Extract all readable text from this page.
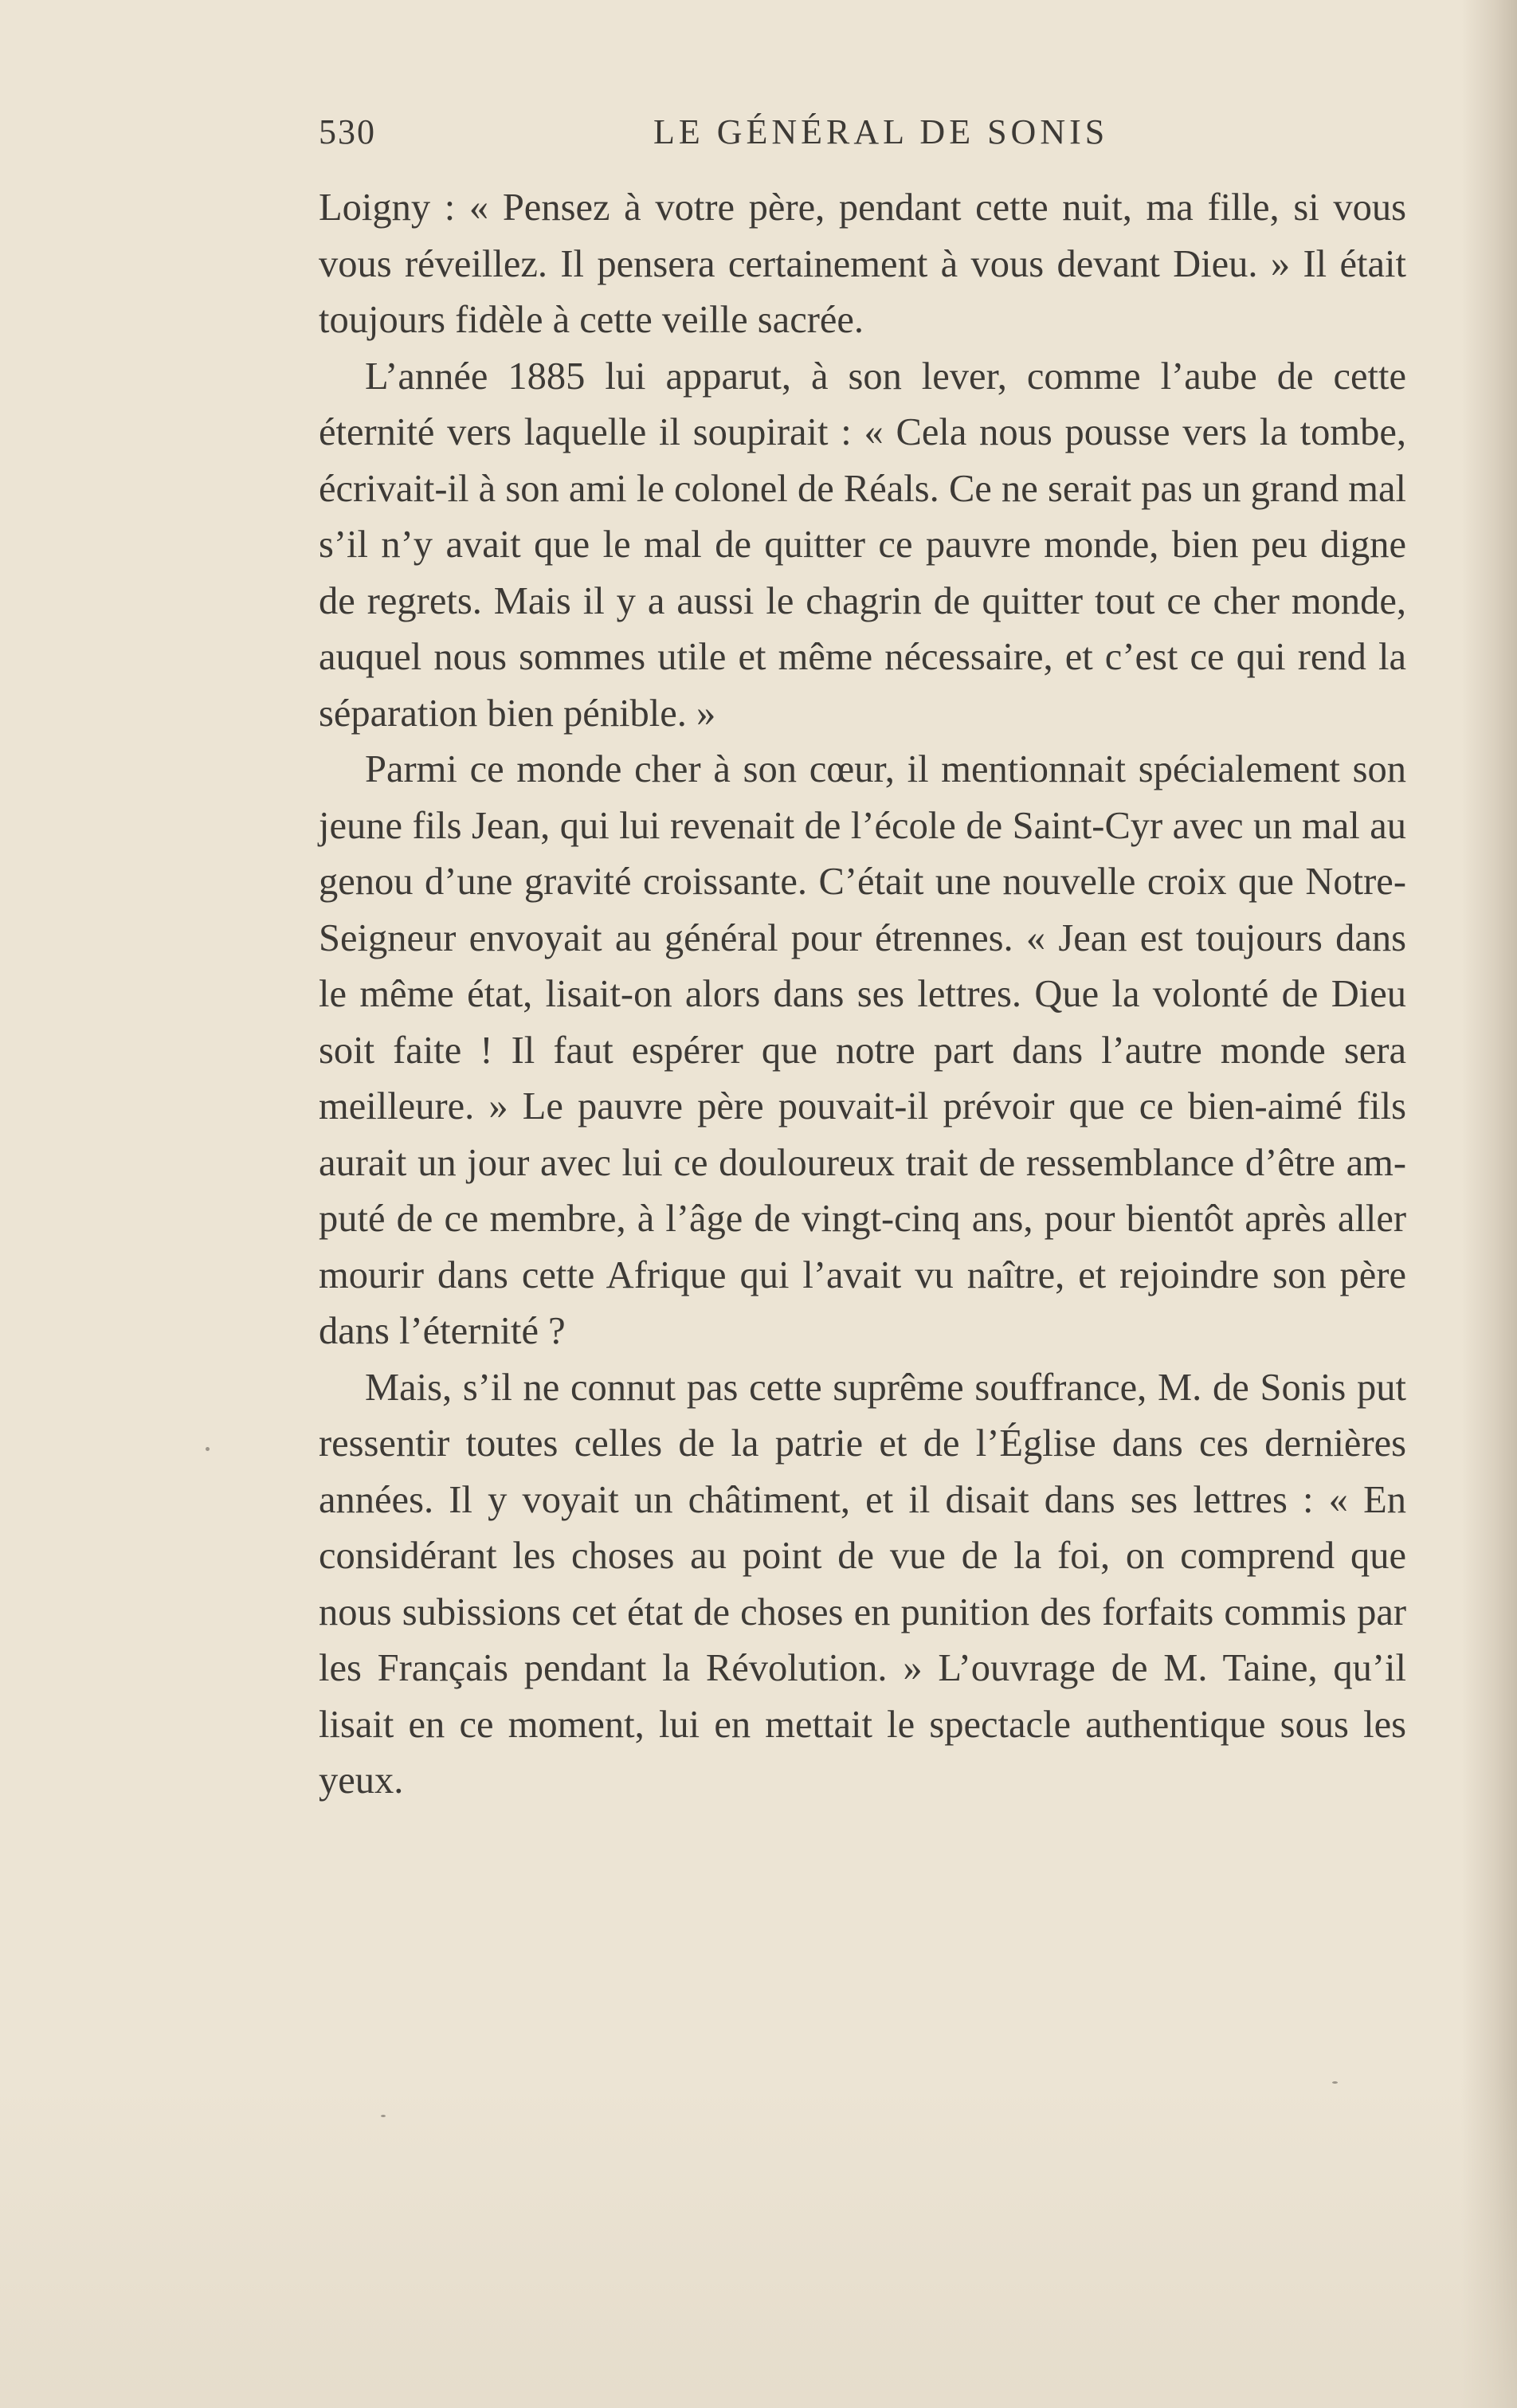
530	LE GÉNÉRAL DE SONIS

Loigny : « Pensez à votre père, pendant cette nuit, ma fille, si vous vous réveillez. Il pensera certainement à vous devant Dieu. » Il était toujours fidèle à cette veille sacrée.

L’année 1885 lui apparut, à son lever, comme l’aube de cette éternité vers laquelle il soupirait : « Cela nous pousse vers la tombe, écrivait-il à son ami le colonel de Réals. Ce ne serait pas un grand mal s’il n’y avait que le mal de quitter ce pauvre monde, bien peu digne de regrets. Mais il y a aussi le chagrin de quitter tout ce cher monde, auquel nous sommes utile et même nécessaire, et c’est ce qui rend la séparation bien pénible. »

Parmi ce monde cher à son cœur, il mentionnait spécialement son jeune fils Jean, qui lui revenait de l’école de Saint-Cyr avec un mal au genou d’une gravité croissante. C’était une nouvelle croix que Notre-Seigneur envoyait au général pour étrennes. « Jean est toujours dans le même état, lisait-on alors dans ses lettres. Que la volonté de Dieu soit faite ! Il faut espérer que notre part dans l’autre monde sera meilleure. » Le pauvre père pouvait-il prévoir que ce bien-aimé fils aurait un jour avec lui ce douloureux trait de ressemblance d’être amputé de ce membre, à l’âge de vingt-cinq ans, pour bientôt après aller mourir dans cette Afrique qui l’avait vu naître, et rejoindre son père dans l’éternité ?

Mais, s’il ne connut pas cette suprême souffrance, M. de Sonis put ressentir toutes celles de la patrie et de l’Église dans ces dernières années. Il y voyait un châtiment, et il disait dans ses lettres : « En considérant les choses au point de vue de la foi, on comprend que nous subissions cet état de choses en punition des forfaits commis par les Français pendant la Révolution. » L’ouvrage de M. Taine, qu’il lisait en ce moment, lui en mettait le spectacle authentique sous les yeux.
